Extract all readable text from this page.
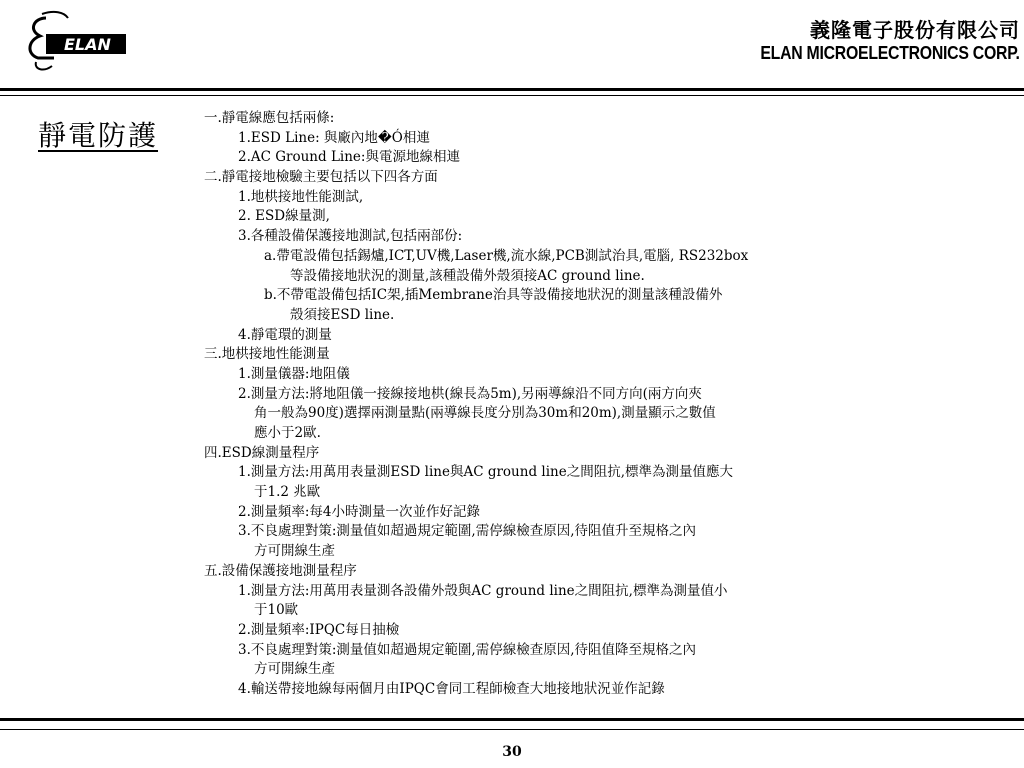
ELAN
義隆電子股份有限公司
ELAN MICROELECTRONICS CORP.
靜電防護
一.靜電線應包括兩條:
1.ESD Line: 與廠內地�Ó相連
2.AC Ground Line:與電源地線相連
二.靜電接地檢驗主要包括以下四各方面
1.地栱接地性能測試,
2. ESD線量測,
3.各種設備保護接地測試,包括兩部份:
a.帶電設備包括錫爐,ICT,UV機,Laser機,流水線,PCB測試治具,電腦, RS232box
等設備接地狀況的測量,該種設備外殼須接AC ground line.
b.不帶電設備包括IC架,插Membrane治具等設備接地狀況的測量該種設備外
殼須接ESD line.
4.靜電環的測量
三.地栱接地性能測量
1.測量儀器:地阻儀
2.測量方法:將地阻儀一接線接地栱(線長為5m),另兩導線沿不同方向(兩方向夾
角一般為90度)選擇兩測量點(兩導線長度分別為30m和20m),測量顯示之數值
應小于2歐.
四.ESD線測量程序
1.測量方法:用萬用表量測ESD line與AC ground line之間阻抗,標準為測量值應大
于1.2 兆歐
2.測量頻率:每4小時測量一次並作好記錄
3.不良處理對策:測量值如超過規定範圍,需停線檢查原因,待阻值升至規格之內
方可開線生產
五.設備保護接地測量程序
1.測量方法:用萬用表量測各設備外殼與AC ground line之間阻抗,標準為測量值小
于10歐
2.測量頻率:IPQC每日抽檢
3.不良處理對策:測量值如超過規定範圍,需停線檢查原因,待阻值降至規格之內
方可開線生產
4.輸送帶接地線每兩個月由IPQC會同工程師檢查大地接地狀況並作記錄
30
